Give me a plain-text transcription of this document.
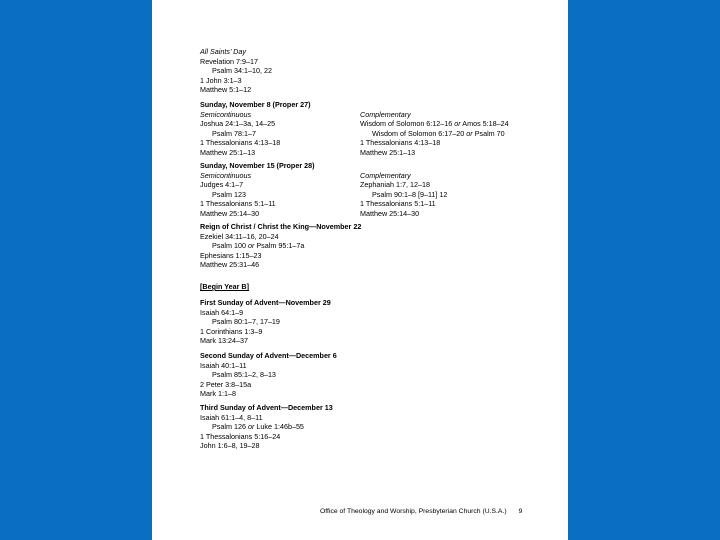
All Saints’ Day
Revelation 7:9–17
Psalm 34:1–10, 22
1 John 3:1–3
Matthew 5:1–12
Sunday, November 8 (Proper 27)
Semicontinuous
Joshua 24:1–3a, 14–25
Psalm 78:1–7
1 Thessalonians 4:13–18
Matthew 25:1–13
Complementary
Wisdom of Solomon 6:12–16 or Amos 5:18–24
Wisdom of Solomon 6:17–20 or Psalm 70
1 Thessalonians 4:13–18
Matthew 25:1–13
Sunday, November 15 (Proper 28)
Semicontinuous
Judges 4:1–7
Psalm 123
1 Thessalonians 5:1–11
Matthew 25:14–30
Complementary
Zephaniah 1:7, 12–18
Psalm 90:1–8 [9–11] 12
1 Thessalonians 5:1–11
Matthew 25:14–30
Reign of Christ / Christ the King—November 22
Ezekiel 34:11–16, 20–24
Psalm 100 or Psalm 95:1–7a
Ephesians 1:15–23
Matthew 25:31–46
[Begin Year B]
First Sunday of Advent—November 29
Isaiah 64:1–9
Psalm 80:1–7, 17–19
1 Corinthians 1:3–9
Mark 13:24–37
Second Sunday of Advent—December 6
Isaiah 40:1–11
Psalm 85:1–2, 8–13
2 Peter 3:8–15a
Mark 1:1–8
Third Sunday of Advent—December 13
Isaiah 61:1–4, 8–11
Psalm 126 or Luke 1:46b–55
1 Thessalonians 5:16–24
John 1:6–8, 19–28
Office of Theology and Worship, Presbyterian Church (U.S.A.) 9
